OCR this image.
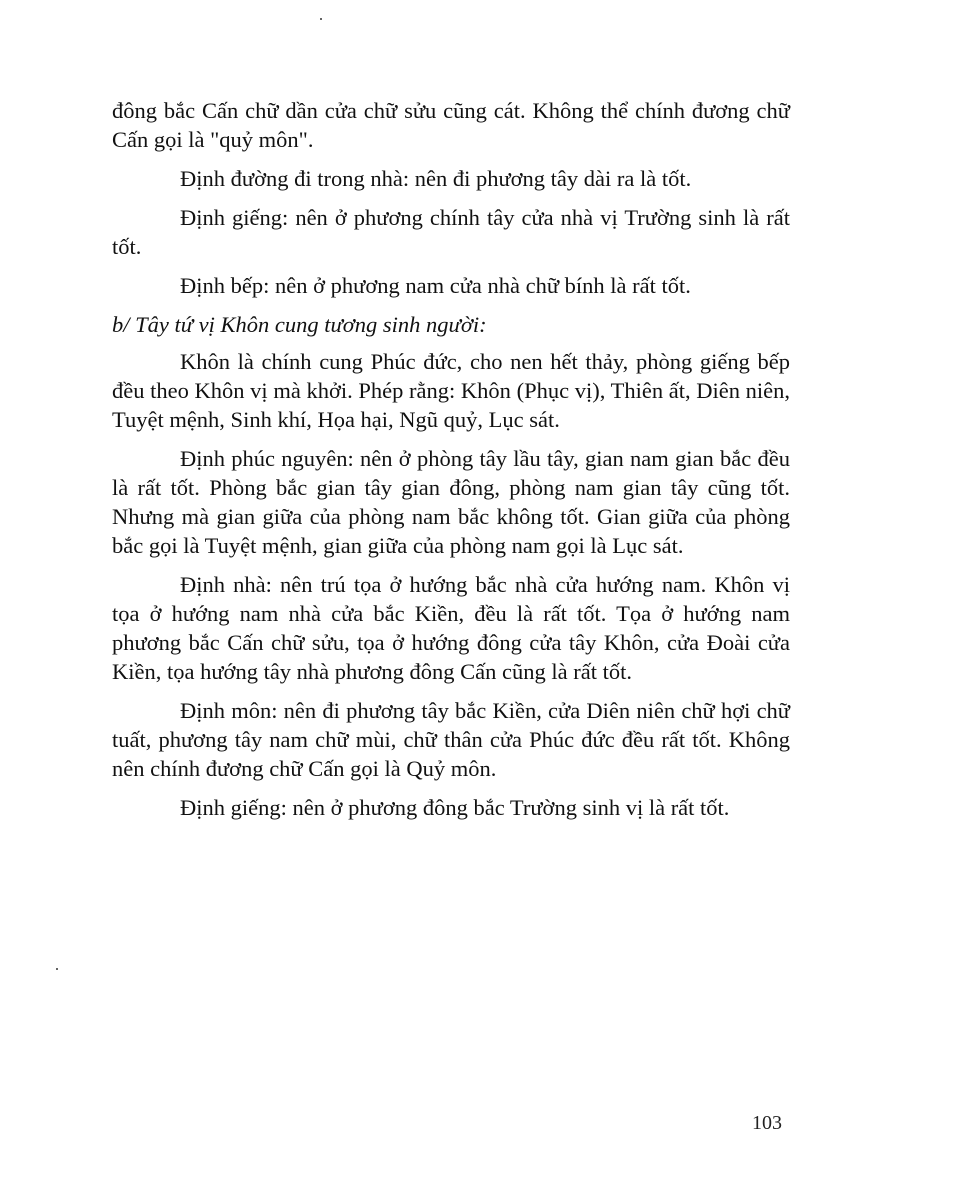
đông bắc Cấn chữ dần cửa chữ sửu cũng cát. Không thể chính đương chữ Cấn gọi là "quỷ môn".

Định đường đi trong nhà: nên đi phương tây dài ra là tốt.

Định giếng: nên ở phương chính tây cửa nhà vị Trường sinh là rất tốt.

Định bếp: nên ở phương nam cửa nhà chữ bính là rất tốt.

b/ Tây tứ vị Khôn cung tương sinh người:

Khôn là chính cung Phúc đức, cho nen hết thảy, phòng giếng bếp đều theo Khôn vị mà khởi. Phép rằng: Khôn (Phục vị), Thiên ất, Diên niên, Tuyệt mệnh, Sinh khí, Họa hại, Ngũ quỷ, Lục sát.

Định phúc nguyên: nên ở phòng tây lầu tây, gian nam gian bắc đều là rất tốt. Phòng bắc gian tây gian đông, phòng nam gian tây cũng tốt. Nhưng mà gian giữa của phòng nam bắc không tốt. Gian giữa của phòng bắc gọi là Tuyệt mệnh, gian giữa của phòng nam gọi là Lục sát.

Định nhà: nên trú tọa ở hướng bắc nhà cửa hướng nam. Khôn vị tọa ở hướng nam nhà cửa bắc Kiền, đều là rất tốt. Tọa ở hướng nam phương bắc Cấn chữ sửu, tọa ở hướng đông cửa tây Khôn, cửa Đoài cửa Kiền, tọa hướng tây nhà phương đông Cấn cũng là rất tốt.

Định môn: nên đi phương tây bắc Kiền, cửa Diên niên chữ hợi chữ tuất, phương tây nam chữ mùi, chữ thân cửa Phúc đức đều rất tốt. Không nên chính đương chữ Cấn gọi là Quỷ môn.

Định giếng: nên ở phương đông bắc Trường sinh vị là rất tốt.

103
